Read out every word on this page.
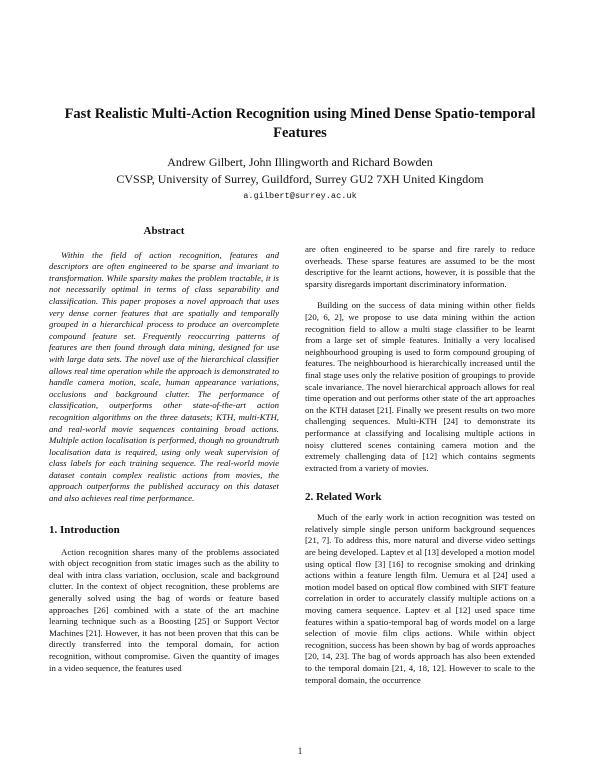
Fast Realistic Multi-Action Recognition using Mined Dense Spatio-temporal Features
Andrew Gilbert, John Illingworth and Richard Bowden
CVSSP, University of Surrey, Guildford, Surrey GU2 7XH United Kingdom
a.gilbert@surrey.ac.uk
Abstract

Within the field of action recognition, features and descriptors are often engineered to be sparse and invariant to transformation. While sparsity makes the problem tractable, it is not necessarily optimal in terms of class separability and classification. This paper proposes a novel approach that uses very dense corner features that are spatially and temporally grouped in a hierarchical process to produce an overcomplete compound feature set. Frequently reoccurring patterns of features are then found through data mining, designed for use with large data sets. The novel use of the hierarchical classifier allows real time operation while the approach is demonstrated to handle camera motion, scale, human appearance variations, occlusions and background clutter. The performance of classification, outperforms other state-of-the-art action recognition algorithms on the three datasets; KTH, multi-KTH, and real-world movie sequences containing broad actions. Multiple action localisation is performed, though no groundtruth localisation data is required, using only weak supervision of class labels for each training sequence. The real-world movie dataset contain complex realistic actions from movies, the approach outperforms the published accuracy on this dataset and also achieves real time performance.

1. Introduction

Action recognition shares many of the problems associated with object recognition from static images such as the ability to deal with intra class variation, occlusion, scale and background clutter. In the context of object recognition, these problems are generally solved using the bag of words or feature based approaches [26] combined with a state of the art machine learning technique such as a Boosting [25] or Support Vector Machines [21]. However, it has not been proven that this can be directly transferred into the temporal domain, for action recognition, without compromise. Given the quantity of images in a video sequence, the features used

are often engineered to be sparse and fire rarely to reduce overheads. These sparse features are assumed to be the most descriptive for the learnt actions, however, it is possible that the sparsity disregards important discriminatory information.

Building on the success of data mining within other fields [20, 6, 2], we propose to use data mining within the action recognition field to allow a multi stage classifier to be learnt from a large set of simple features. Initially a very localised neighbourhood grouping is used to form compound grouping of features. The neighbourhood is hierarchically increased until the final stage uses only the relative position of groupings to provide scale invariance. The novel hierarchical approach allows for real time operation and out performs other state of the art approaches on the KTH dataset [21]. Finally we present results on two more challenging sequences. Multi-KTH [24] to demonstrate its performance at classifying and localising multiple actions in noisy cluttered scenes containing camera motion and the extremely challenging data of [12] which contains segments extracted from a variety of movies.

2. Related Work

Much of the early work in action recognition was tested on relatively simple single person uniform background sequences [21, 7]. To address this, more natural and diverse video settings are being developed. Laptev et al [13] developed a motion model using optical flow [3] [16] to recognise smoking and drinking actions within a feature length film. Uemura et al [24] used a motion model based on optical flow combined with SIFT feature correlation in order to accurately classify multiple actions on a moving camera sequence. Laptev et al [12] used space time features within a spatio-temporal bag of words model on a large selection of movie film clips actions. While within object recognition, success has been shown by bag of words approaches [20, 14, 23]. The bag of words approach has also been extended to the temporal domain [21, 4, 18, 12]. However to scale to the temporal domain, the occurrence

1
